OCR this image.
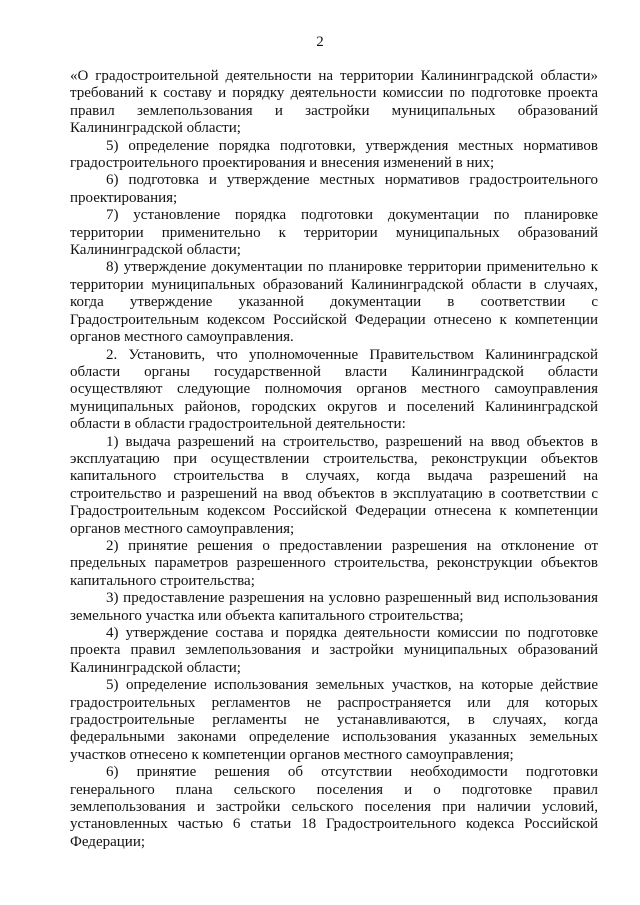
2
«О градостроительной деятельности на территории Калининградской области»
требований к составу и порядку деятельности комиссии по подготовке проекта
правил землепользования и застройки муниципальных образований
Калининградской области;
5) определение порядка подготовки, утверждения местных нормативов
градостроительного проектирования и внесения изменений в них;
6) подготовка и утверждение местных нормативов градостроительного
проектирования;
7) установление порядка подготовки документации по планировке
территории применительно к территории муниципальных образований
Калининградской области;
8) утверждение документации по планировке территории применительно к
территории муниципальных образований Калининградской области в случаях,
когда утверждение указанной документации в соответствии с
Градостроительным кодексом Российской Федерации отнесено к компетенции
органов местного самоуправления.
2. Установить, что уполномоченные Правительством Калининградской
области органы государственной власти Калининградской области
осуществляют следующие полномочия органов местного самоуправления
муниципальных районов, городских округов и поселений Калининградской
области в области градостроительной деятельности:
1) выдача разрешений на строительство, разрешений на ввод объектов в
эксплуатацию при осуществлении строительства, реконструкции объектов
капитального строительства в случаях, когда выдача разрешений на
строительство и разрешений на ввод объектов в эксплуатацию в соответствии с
Градостроительным кодексом Российской Федерации отнесена к компетенции
органов местного самоуправления;
2) принятие решения о предоставлении разрешения на отклонение от
предельных параметров разрешенного строительства, реконструкции объектов
капитального строительства;
3) предоставление разрешения на условно разрешенный вид использования
земельного участка или объекта капитального строительства;
4) утверждение состава и порядка деятельности комиссии по подготовке
проекта правил землепользования и застройки муниципальных образований
Калининградской области;
5) определение использования земельных участков, на которые действие
градостроительных регламентов не распространяется или для которых
градостроительные регламенты не устанавливаются, в случаях, когда
федеральными законами определение использования указанных земельных
участков отнесено к компетенции органов местного самоуправления;
6) принятие решения об отсутствии необходимости подготовки
генерального плана сельского поселения и о подготовке правил
землепользования и застройки сельского поселения при наличии условий,
установленных частью 6 статьи 18 Градостроительного кодекса Российской
Федерации;
